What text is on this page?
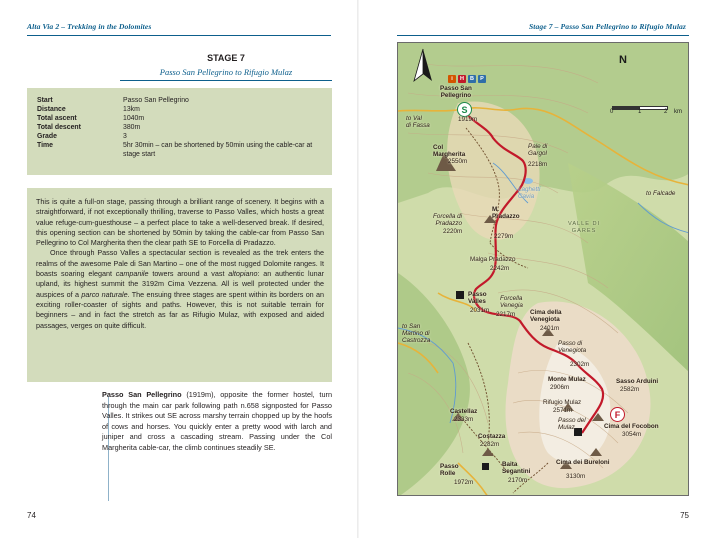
Alta Via 2 – Trekking in the Dolomites
STAGE 7
Passo San Pellegrino to Rifugio Mulaz
Start	Passo San Pellegrino
Distance	13km
Total ascent	1040m
Total descent	380m
Grade	3
Time	5hr 30min – can be shortened by 50min using the cable-car at stage start

This is quite a full-on stage, passing through a brilliant range of scenery. It begins with a straightforward, if not exceptionally thrilling, traverse to Passo Valles, which hosts a great value refuge-cum-guesthouse – a perfect place to take a well-deserved break. If desired, this opening section can be shortened by 50min by taking the cable-car from Passo San Pellegrino to Col Margherita then the clear path SE to Forcella di Pradazzo.

Once through Passo Valles a spectacular section is revealed as the trek enters the realms of the awesome Pale di San Martino – one of the most rugged Dolomite ranges. It boasts soaring elegant campanile towers around a vast altopiano: an authentic lunar upland, its highest summit the 3192m Cima Vezzena. All is well protected under the auspices of a parco naturale. The ensuing three stages are spent within its borders on an exciting roller-coaster of sights and paths. However, this is not suitable terrain for beginners – and in fact the stretch as far as Rifugio Mulaz, with exposed and aided passages, verges on quite difficult.

Passo San Pellegrino (1919m), opposite the former hostel, turn through the main car park following path n.658 signposted for Passo Valles. It strikes out SE across marshy terrain chopped up by the hoofs of cows and horses. You quickly enter a pretty wood with larch and juniper and cross a cascading stream. Passing under the Col Margherita cable-car, the climb continues steadily SE.
74
Stage 7 – Passo San Pellegrino to Rifugio Mulaz
S
F
N
0	1	2 km
i	H	B	P
Passo San
Pellegrino
1919m
to Val
di Fassa
Col
Margherita
2550m
Pale di
Gargol
2218m
Laghetti
Cavia	to Falcade
Forcella di
Pradazzo
2220m
M.
Pradazzo
2279m
VALLE DI
GARES
Malga Pradazzo
2242m
Passo
Valles
2031m
Forcella
Venegia
2217m Cima della
Venegiota
2401m
to San
Martino di
Castrozza	Passo di
Venegiota
2302m
Monte Mulaz
2906m
Sasso Arduini
2582m
Rifugio Mulaz
2571m
Passo del
Mulaz	Cima del Focobon
3054m
Castellaz
2333m
Costazza
2282m
Passo
Rolle
1972m
Baita
Segantini
2170m
Cima dei Bureloni
3130m
75
